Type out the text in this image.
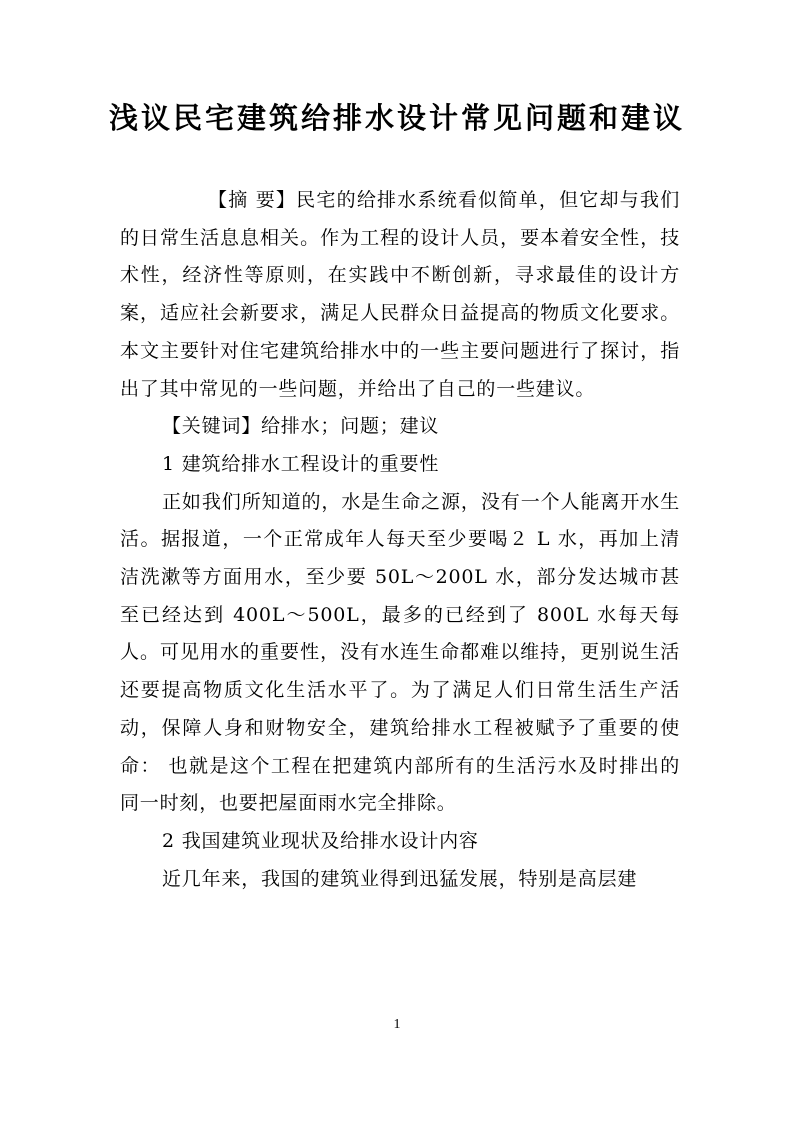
浅议民宅建筑给排水设计常见问题和建议

【摘 要】民宅的给排水系统看似简单，但它却与我们的日常生活息息相关。作为工程的设计人员，要本着安全性，技术性，经济性等原则，在实践中不断创新，寻求最佳的设计方案，适应社会新要求，满足人民群众日益提高的物质文化要求。本文主要针对住宅建筑给排水中的一些主要问题进行了探讨，指出了其中常见的一些问题，并给出了自己的一些建议。

【关键词】给排水；问题；建议

1 建筑给排水工程设计的重要性

正如我们所知道的，水是生命之源，没有一个人能离开水生活。据报道，一个正常成年人每天至少要喝２ L 水，再加上清洁洗漱等方面用水，至少要 50L～200L 水，部分发达城市甚至已经达到 400L～500L，最多的已经到了 800L 水每天每人。可见用水的重要性，没有水连生命都难以维持，更别说生活还要提高物质文化生活水平了。为了满足人们日常生活生产活动，保障人身和财物安全，建筑给排水工程被赋予了重要的使命： 也就是这个工程在把建筑内部所有的生活污水及时排出的同一时刻，也要把屋面雨水完全排除。

2 我国建筑业现状及给排水设计内容

近几年来，我国的建筑业得到迅猛发展，特别是高层建

1
